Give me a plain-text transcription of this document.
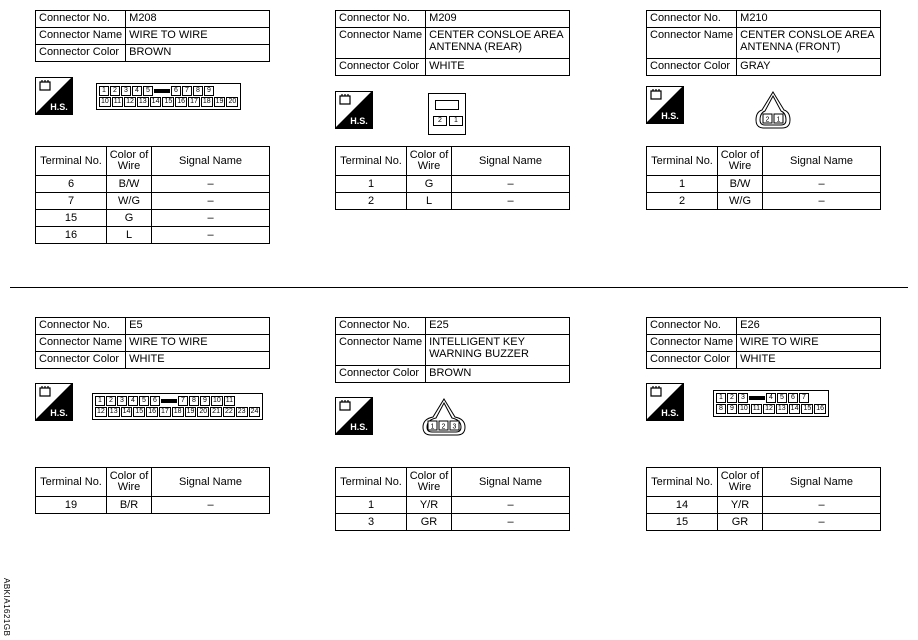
Connector No.	M208
Connector Name	WIRE TO WIRE
Connector Color	BROWN
H.S.
1	2	3	4	5	6	7	8	9
10 11 12 13 14 15 16 17 18 19 20
Terminal No.	Color of Wire	Signal Name
6	B/W	–
7	W/G	–
15	G	–
16	L	–
Connector No.	M209
Connector Name	CENTER CONSLOE AREA ANTENNA (REAR)
Connector Color	WHITE
H.S.	2	1
Terminal No.	Color of Wire	Signal Name
1	G	–
2	L	–
Connector No.	M210
Connector Name	CENTER CONSLOE AREA ANTENNA (FRONT)
Connector Color	GRAY
H.S.	2 1
Terminal No.	Color of Wire	Signal Name
1	B/W	–
2	W/G	–
Connector No.	E5
Connector Name	WIRE TO WIRE
Connector Color	WHITE
H.S.
1	2	3	4	5	6	7	8	9 10 11
12 13 14 15 16 17 18 19 20 21 22 23 24
Terminal No.	Color of Wire	Signal Name
19	B/R	–
Connector No.	E25
Connector Name	INTELLIGENT KEY WARNING BUZZER
Connector Color	BROWN
H.S.	1 2 3
Terminal No.	Color of Wire	Signal Name
1	Y/R	–
3	GR	–
Connector No.	E26
Connector Name	WIRE TO WIRE
Connector Color	WHITE
H.S.
1	2	3	4	5	6	7
8	9 10 11 12 13 14 15 16
Terminal No.	Color of Wire	Signal Name
14	Y/R	–
15	GR	–
ABKIA1621GB
